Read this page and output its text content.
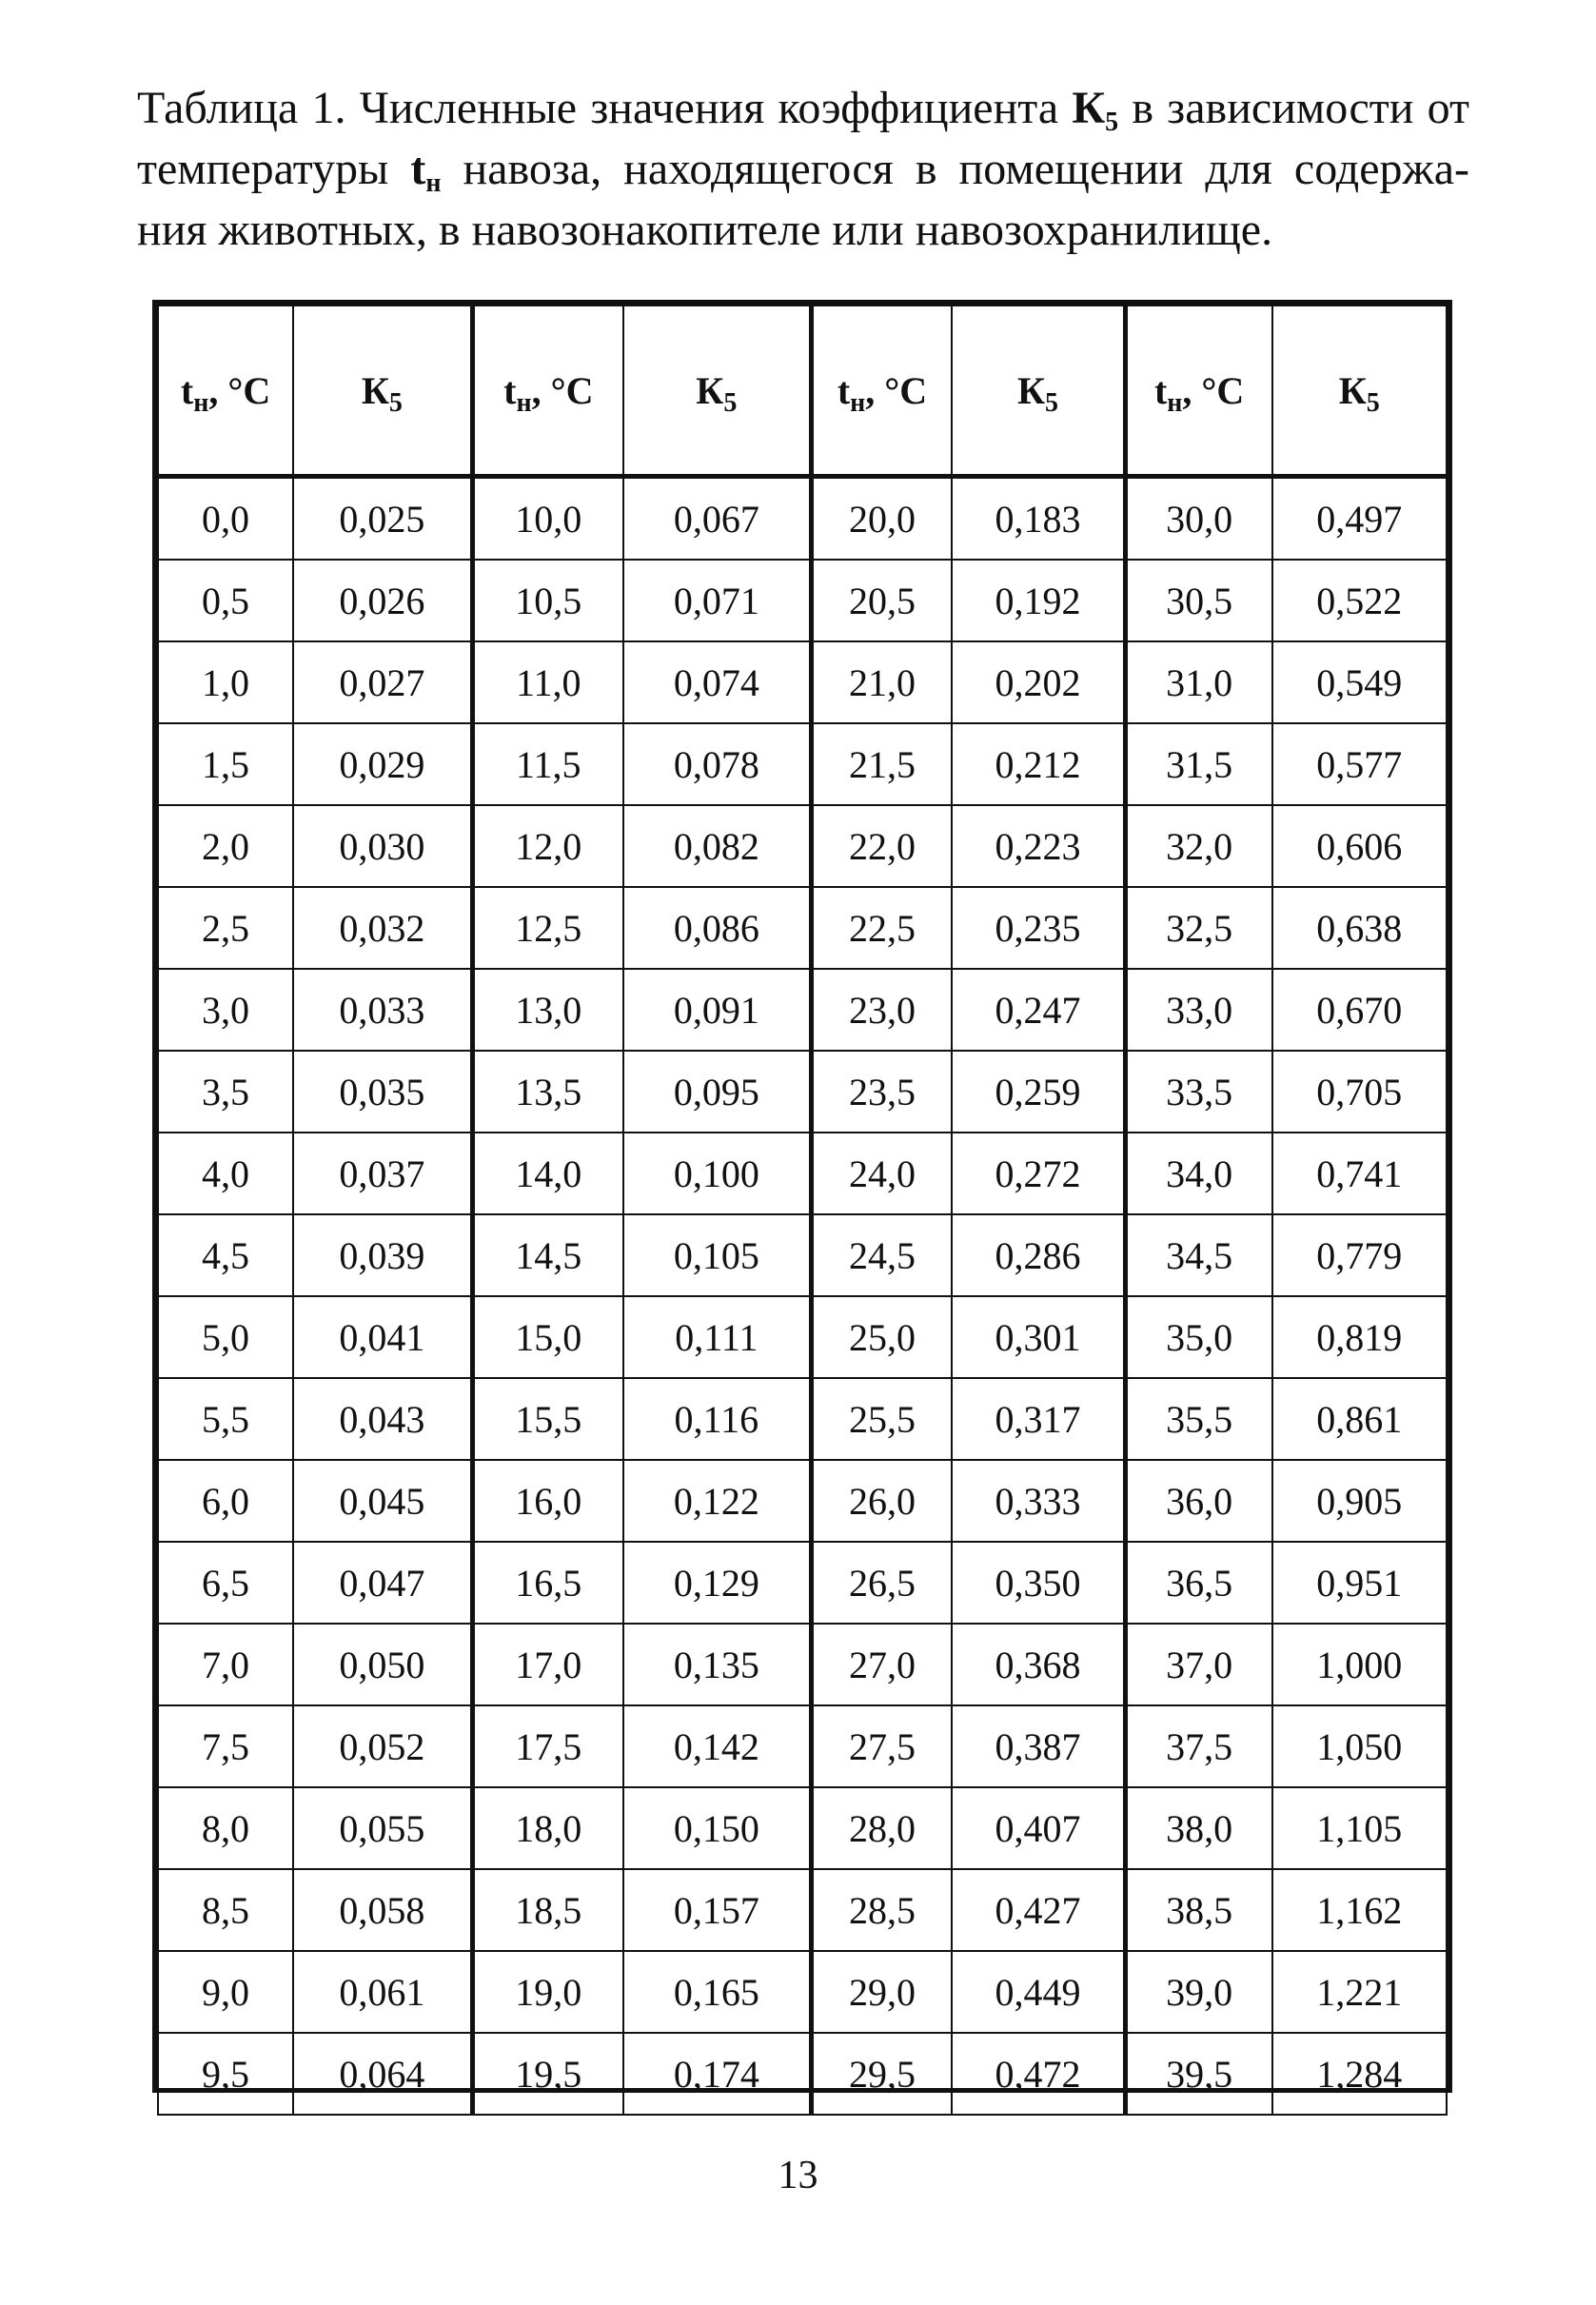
Таблица 1. Численные значения коэффициента $К_5$ в зависимости от
температуры $t_н$ навоза, находящегося в помещении для содержа-
ния животных, в навозонакопителе или навозохранилище.
$t_н$, °C	$К_5$	$t_н$, °C	$К_5$	$t_н$, °C	$К_5$	$t_н$, °C	$К_5$
0,0	0,025	10,0	0,067	20,0	0,183	30,0	0,497
0,5	0,026	10,5	0,071	20,5	0,192	30,5	0,522
1,0	0,027	11,0	0,074	21,0	0,202	31,0	0,549
1,5	0,029	11,5	0,078	21,5	0,212	31,5	0,577
2,0	0,030	12,0	0,082	22,0	0,223	32,0	0,606
2,5	0,032	12,5	0,086	22,5	0,235	32,5	0,638
3,0	0,033	13,0	0,091	23,0	0,247	33,0	0,670
3,5	0,035	13,5	0,095	23,5	0,259	33,5	0,705
4,0	0,037	14,0	0,100	24,0	0,272	34,0	0,741
4,5	0,039	14,5	0,105	24,5	0,286	34,5	0,779
5,0	0,041	15,0	0,111	25,0	0,301	35,0	0,819
5,5	0,043	15,5	0,116	25,5	0,317	35,5	0,861
6,0	0,045	16,0	0,122	26,0	0,333	36,0	0,905
6,5	0,047	16,5	0,129	26,5	0,350	36,5	0,951
7,0	0,050	17,0	0,135	27,0	0,368	37,0	1,000
7,5	0,052	17,5	0,142	27,5	0,387	37,5	1,050
8,0	0,055	18,0	0,150	28,0	0,407	38,0	1,105
8,5	0,058	18,5	0,157	28,5	0,427	38,5	1,162
9,0	0,061	19,0	0,165	29,0	0,449	39,0	1,221
9,5	0,064	19,5	0,174	29,5	0,472	39,5	1,284
13
